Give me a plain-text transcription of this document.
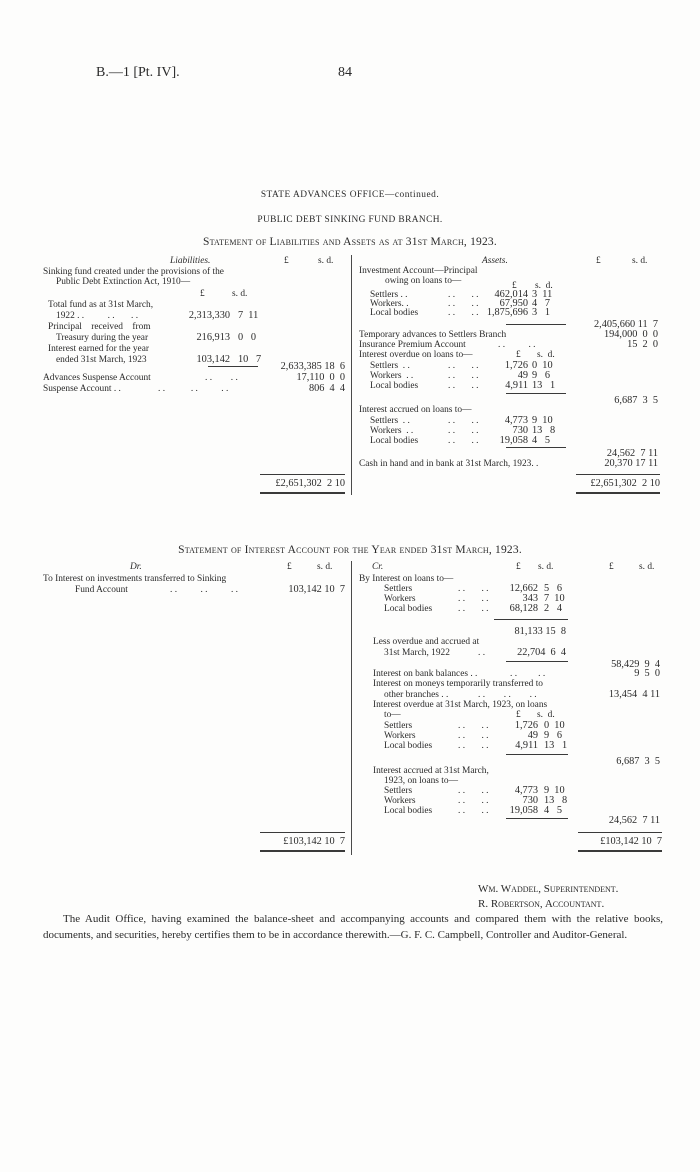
B.—1 [Pt. IV].	84
STATE ADVANCES OFFICE—continued.
PUBLIC DEBT SINKING FUND BRANCH.
Statement of Liabilities and Assets as at 31st March, 1923.
Liabilities.	£	s. d.
Sinking fund created under the provisions of the
Public Debt Extinction Act, 1910—
£	s. d.
Total fund as at 31st March,
1922 . .          . .       . .	2,313,330 7  11
Principal    received    from
Treasury during the year	216,913 0   0
Interest earned for the year
ended 31st March, 1923	103,142 10   7
2,633,385 18  6
Advances Suspense Account	. .        . .	17,110  0  0
Suspense Account . .	. .           . .          . .	806  4  4
£2,651,302  2 10
Assets.	£	s. d.
Investment Account—Principal
owing on loans to—	£ s.  d.
Settlers . .	. .       . .	462,014 3  11
Workers. .	. .       . .	67,950 4   7
Local bodies	. .       . . 1,875,696 3   1
2,405,660 11  7
Temporary advances to Settlers Branch	194,000  0  0
Insurance Premium Account	. .          . .	15  2  0
Interest overdue on loans to—	£ s.  d.
Settlers  . .	. .       . .	1,726 0  10
Workers  . .	. .       . .	49 9   6
Local bodies	. .       . .	4,911 13   1
6,687  3  5
Interest accrued on loans to—
Settlers  . .	. .       . .	4,773 9  10
Workers  . .	. .       . .	730 13   8
Local bodies	. .       . .	19,058 4   5
24,562  7 11
Cash in hand and in bank at 31st March, 1923. .	20,370 17 11
£2,651,302  2 10
Statement of Interest Account for the Year ended 31st March, 1923.
Dr.	£	s. d.
To Interest on investments transferred to Sinking
Fund Account	. .          . .          . .	103,142 10  7
£103,142 10  7
Cr.	£ s. d.	£	s. d.
By Interest on loans to—
Settlers	. .       . .	12,662 5   6
Workers	. .       . .	343 7  10
Local bodies	. .       . .	68,128 2   4
81,133 15  8
Less overdue and accrued at
31st March, 1922	. .	22,704  6  4
58,429  9  4
Interest on bank balances . .	. .         . .	9  5  0
Interest on moneys temporarily transferred to
other branches . .	. .        . .        . .	13,454  4 11
Interest overdue at 31st March, 1923, on loans
to—	£ s.  d.
Settlers	. .       . .	1,726 0  10
Workers	. .       . .	49 9   6
Local bodies	. .       . .	4,911 13   1
6,687  3  5
Interest accrued at 31st March,
1923, on loans to—
Settlers	. .       . .	4,773 9  10
Workers	. .       . .	730 13   8
Local bodies	. .       . .	19,058 4   5
24,562  7 11
£103,142 10  7
Wm. Waddel, Superintendent.
R. Robertson, Accountant.
The Audit Office, having examined the balance-sheet and accompanying accounts and compared them with the relative books, documents, and securities, hereby certifies them to be in accordance therewith.—G. F. C. Campbell, Controller and Auditor-General.
